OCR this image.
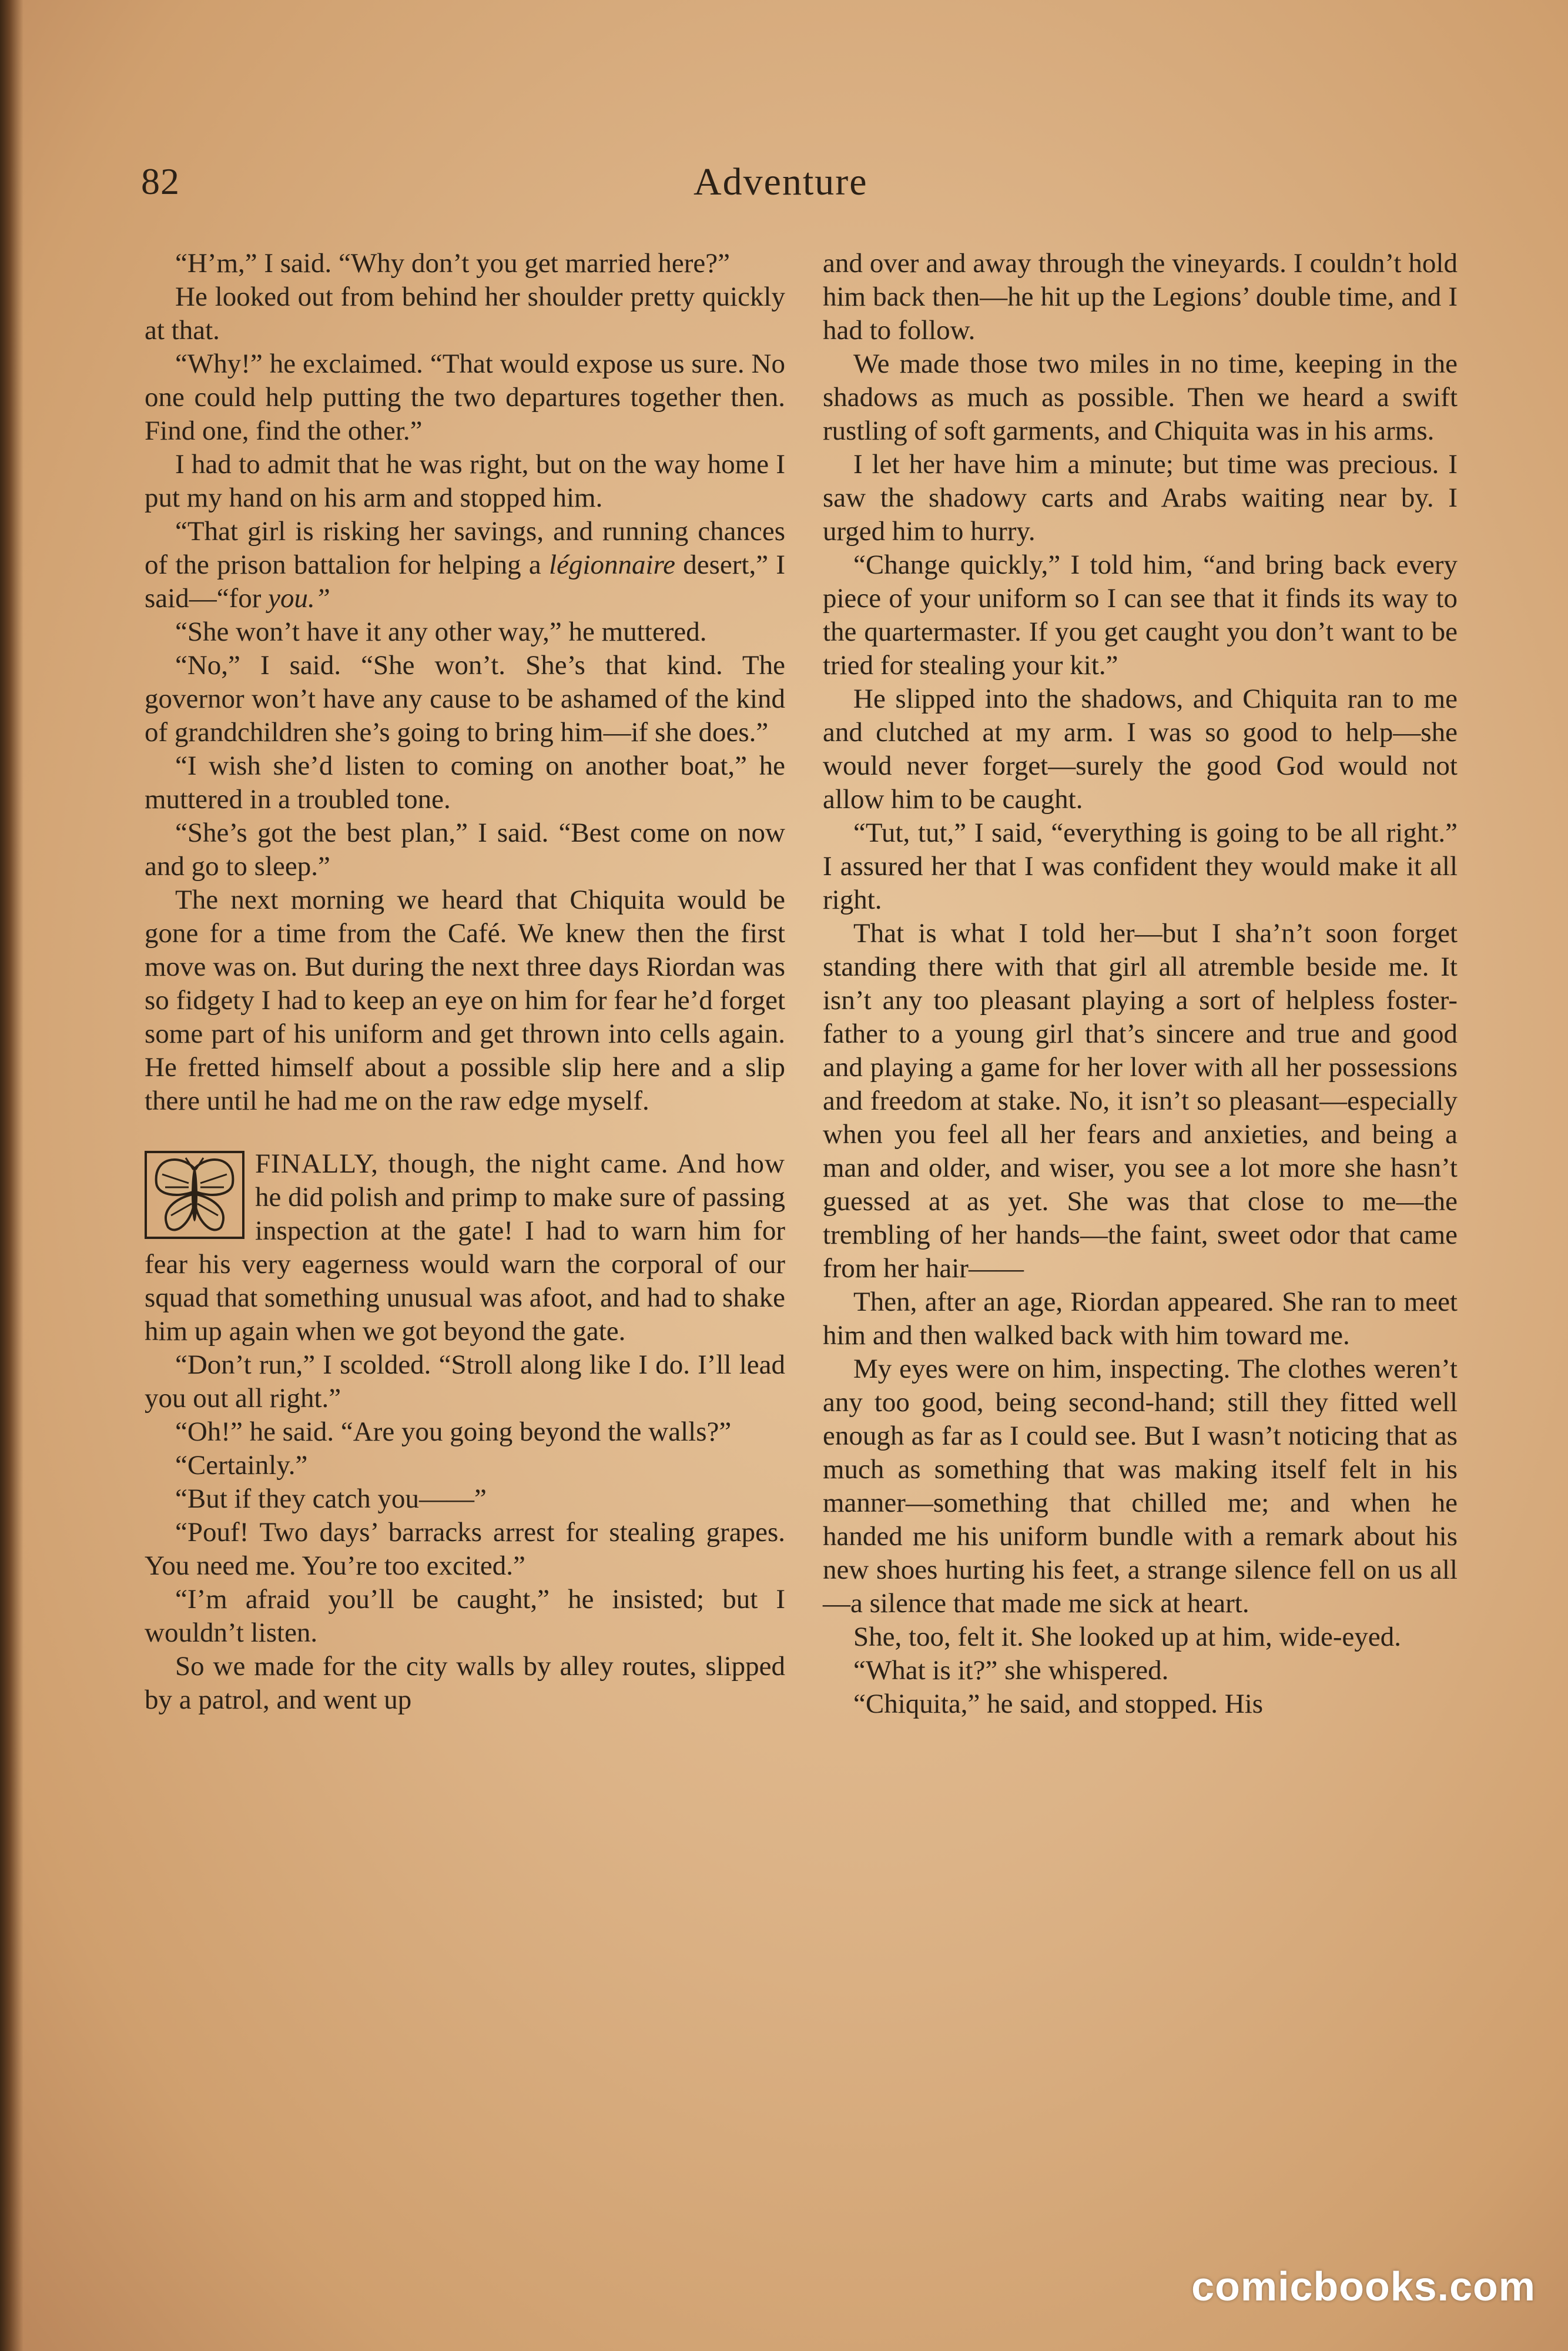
82	Adventure

“H’m,” I said. “Why don’t you get married here?”

He looked out from behind her shoulder pretty quickly at that.

“Why!” he exclaimed. “That would expose us sure. No one could help putting the two departures together then. Find one, find the other.”

I had to admit that he was right, but on the way home I put my hand on his arm and stopped him.

“That girl is risking her savings, and running chances of the prison battalion for helping a légionnaire desert,” I said—“for you.”

“She won’t have it any other way,” he muttered.

“No,” I said. “She won’t. She’s that kind. The governor won’t have any cause to be ashamed of the kind of grandchildren she’s going to bring him—if she does.”

“I wish she’d listen to coming on another boat,” he muttered in a troubled tone.

“She’s got the best plan,” I said. “Best come on now and go to sleep.”

The next morning we heard that Chiquita would be gone for a time from the Café. We knew then the first move was on. But during the next three days Riordan was so fidgety I had to keep an eye on him for fear he’d forget some part of his uniform and get thrown into cells again. He fretted himself about a possible slip here and a slip there until he had me on the raw edge myself.

FINALLY, though, the night came. And how he did polish and primp to make sure of passing inspection at the gate! I had to warn him for fear his very eagerness would warn the corporal of our squad that something unusual was afoot, and had to shake him up again when we got beyond the gate.

“Don’t run,” I scolded. “Stroll along like I do. I’ll lead you out all right.”

“Oh!” he said. “Are you going beyond the walls?”

“Certainly.”

“But if they catch you——”

“Pouf! Two days’ barracks arrest for stealing grapes. You need me. You’re too excited.”

“I’m afraid you’ll be caught,” he insisted; but I wouldn’t listen.

So we made for the city walls by alley routes, slipped by a patrol, and went up

and over and away through the vineyards. I couldn’t hold him back then—he hit up the Legions’ double time, and I had to follow.

We made those two miles in no time, keeping in the shadows as much as possible. Then we heard a swift rustling of soft garments, and Chiquita was in his arms.

I let her have him a minute; but time was precious. I saw the shadowy carts and Arabs waiting near by. I urged him to hurry.

“Change quickly,” I told him, “and bring back every piece of your uniform so I can see that it finds its way to the quartermaster. If you get caught you don’t want to be tried for stealing your kit.”

He slipped into the shadows, and Chiquita ran to me and clutched at my arm. I was so good to help—she would never forget—surely the good God would not allow him to be caught.

“Tut, tut,” I said, “everything is going to be all right.” I assured her that I was confident they would make it all right.

That is what I told her—but I sha’n’t soon forget standing there with that girl all atremble beside me. It isn’t any too pleasant playing a sort of helpless foster-father to a young girl that’s sincere and true and good and playing a game for her lover with all her possessions and freedom at stake. No, it isn’t so pleasant—especially when you feel all her fears and anxieties, and being a man and older, and wiser, you see a lot more she hasn’t guessed at as yet. She was that close to me—the trembling of her hands—the faint, sweet odor that came from her hair——

Then, after an age, Riordan appeared. She ran to meet him and then walked back with him toward me.

My eyes were on him, inspecting. The clothes weren’t any too good, being second-hand; still they fitted well enough as far as I could see. But I wasn’t noticing that as much as something that was making itself felt in his manner—something that chilled me; and when he handed me his uniform bundle with a remark about his new shoes hurting his feet, a strange silence fell on us all—a silence that made me sick at heart.

She, too, felt it. She looked up at him, wide-eyed.

“What is it?” she whispered.

“Chiquita,” he said, and stopped. His

comicbooks.com
